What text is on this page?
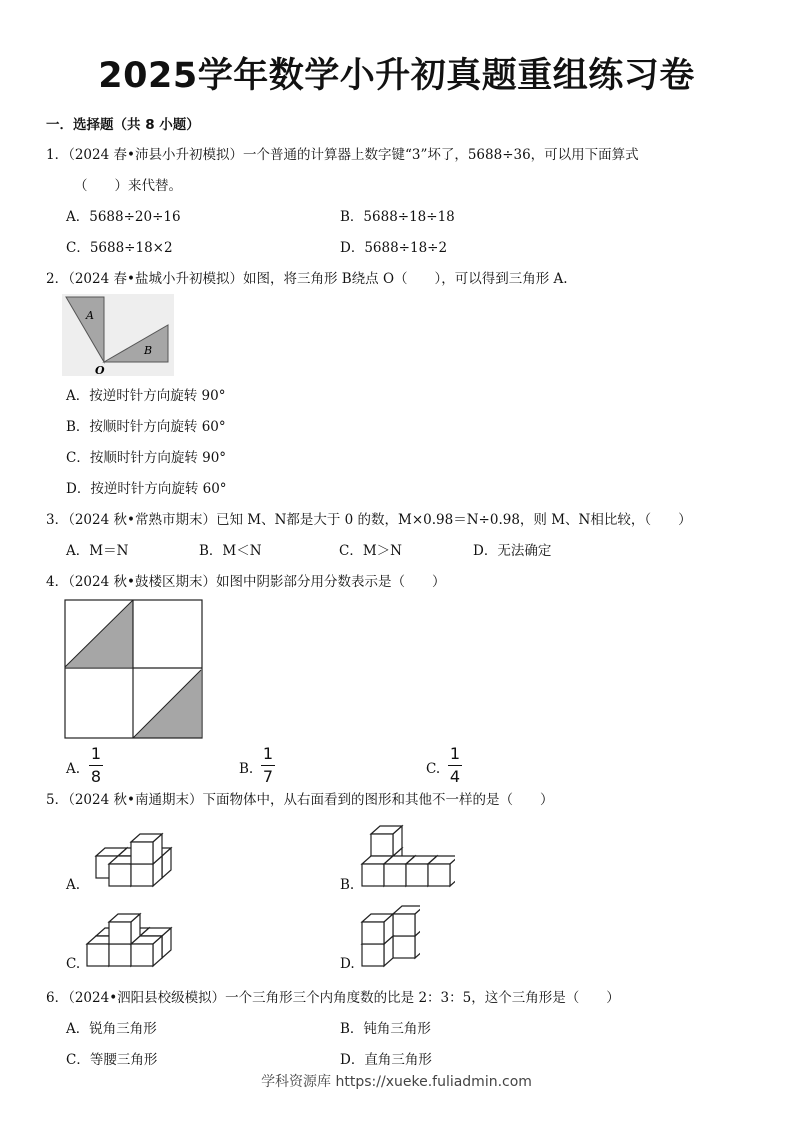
2025学年数学小升初真题重组练习卷
一．选择题（共 8 小题）
1．（2024 春•沛县小升初模拟）一个普通的计算器上数字键“3”坏了，5688÷36，可以用下面算式
（　　）来代替。
A．5688÷20÷16	B．5688÷18÷18
C．5688÷18×2	D．5688÷18÷2
2．（2024 春•盐城小升初模拟）如图，将三角形 B绕点 O（　　），可以得到三角形 A.
A
B
O
A．按逆时针方向旋转 90°
B．按顺时针方向旋转 60°
C．按顺时针方向旋转 90°
D．按逆时针方向旋转 60°
3．（2024 秋•常熟市期末）已知 M、N都是大于 0 的数，M×0.98＝N÷0.98，则 M、N相比较，（　　）
A．M＝N	B．M＜N	C．M＞N	D．无法确定
4．（2024 秋•鼓楼区期末）如图中阴影部分用分数表示是（　　）
A.
1
8	B.
1
7	C.
1
4
5．（2024 秋•南通期末）下面物体中，从右面看到的图形和其他不一样的是（　　）
A.	B.
C.	D.
6．（2024•泗阳县校级模拟）一个三角形三个内角度数的比是 2：3：5，这个三角形是（　　）
A．锐角三角形	B．钝角三角形
C．等腰三角形	D．直角三角形
学科资源库 https://xueke.fuliadmin.com
